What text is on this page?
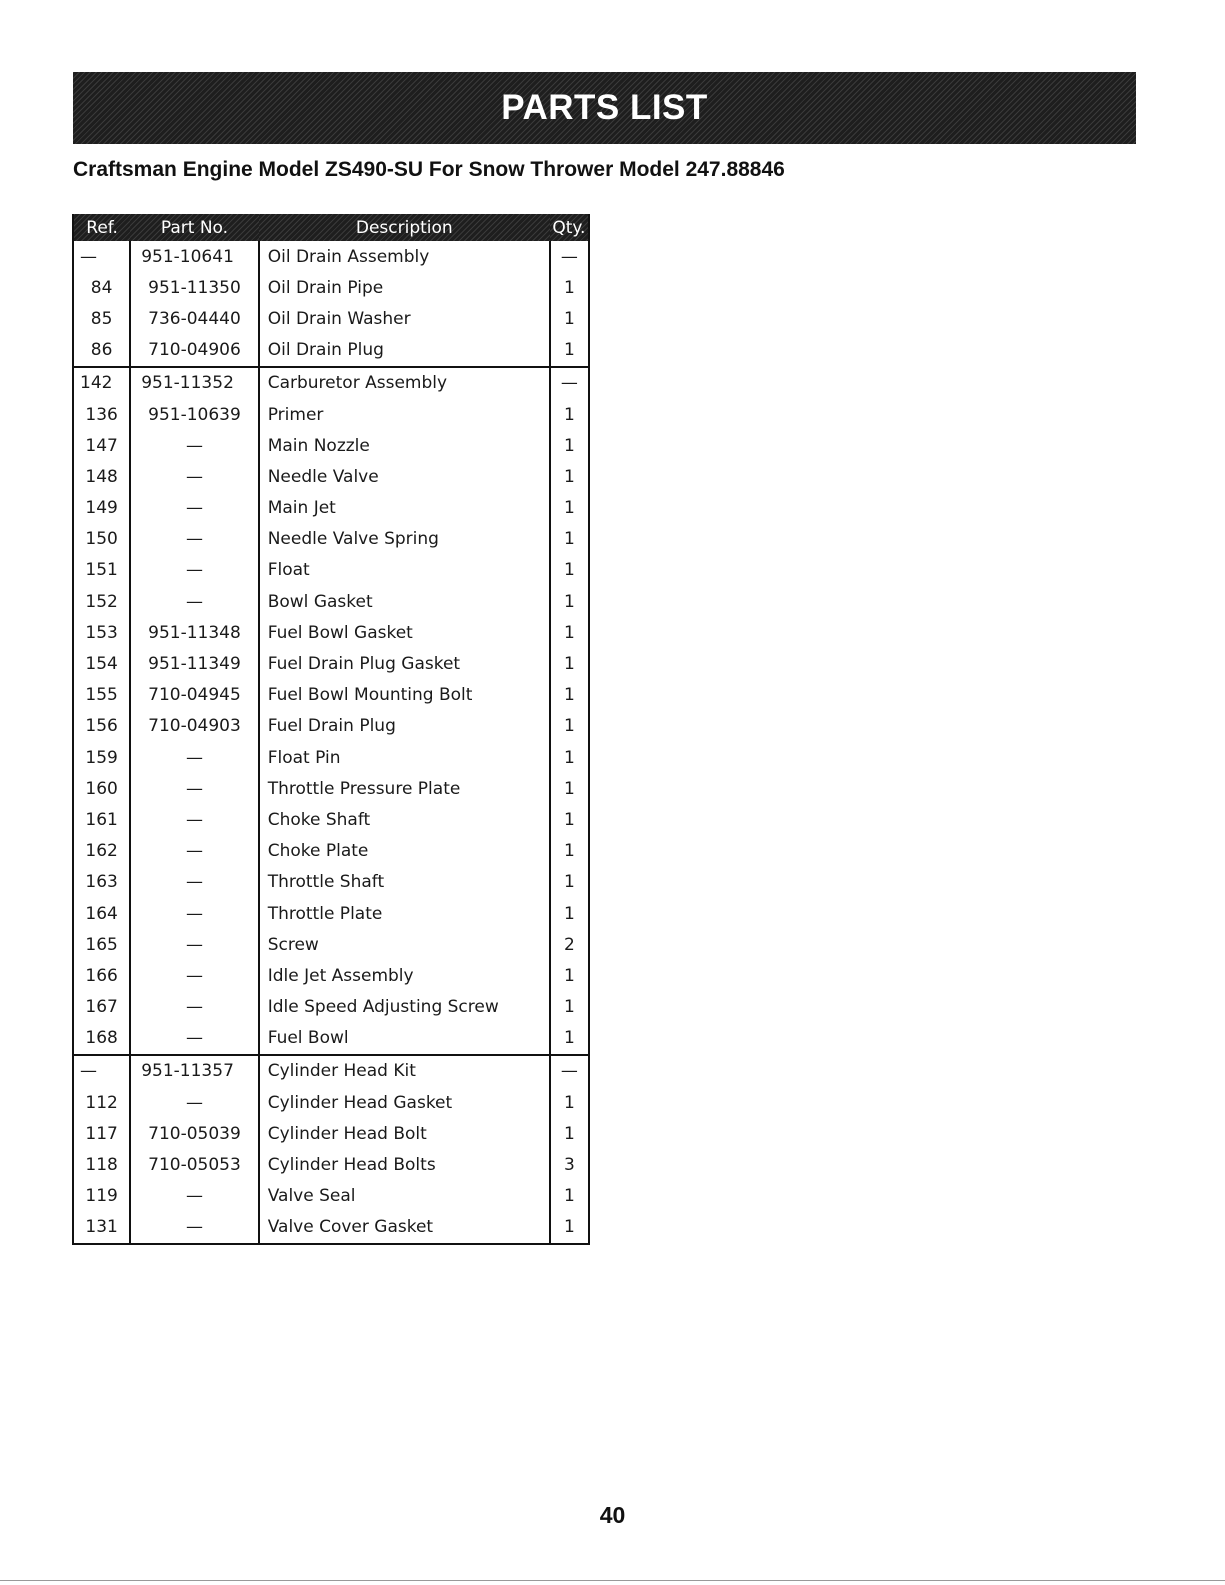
PARTS LIST
Craftsman Engine Model ZS490-SU For Snow Thrower Model 247.88846
Ref.	Part No.	Description	Qty.
—	951-10641	Oil Drain Assembly	—
84	951-11350	Oil Drain Pipe	1
85	736-04440	Oil Drain Washer	1
86	710-04906	Oil Drain Plug	1
142	951-11352	Carburetor Assembly	—
136	951-10639	Primer	1
147	—	Main Nozzle	1
148	—	Needle Valve	1
149	—	Main Jet	1
150	—	Needle Valve Spring	1
151	—	Float	1
152	—	Bowl Gasket	1
153	951-11348	Fuel Bowl Gasket	1
154	951-11349	Fuel Drain Plug Gasket	1
155	710-04945	Fuel Bowl Mounting Bolt	1
156	710-04903	Fuel Drain Plug	1
159	—	Float Pin	1
160	—	Throttle Pressure Plate	1
161	—	Choke Shaft	1
162	—	Choke Plate	1
163	—	Throttle Shaft	1
164	—	Throttle Plate	1
165	—	Screw	2
166	—	Idle Jet Assembly	1
167	—	Idle Speed Adjusting Screw	1
168	—	Fuel Bowl	1
—	951-11357	Cylinder Head Kit	—
112	—	Cylinder Head Gasket	1
117	710-05039	Cylinder Head Bolt	1
118	710-05053	Cylinder Head Bolts	3
119	—	Valve Seal	1
131	—	Valve Cover Gasket	1
40
